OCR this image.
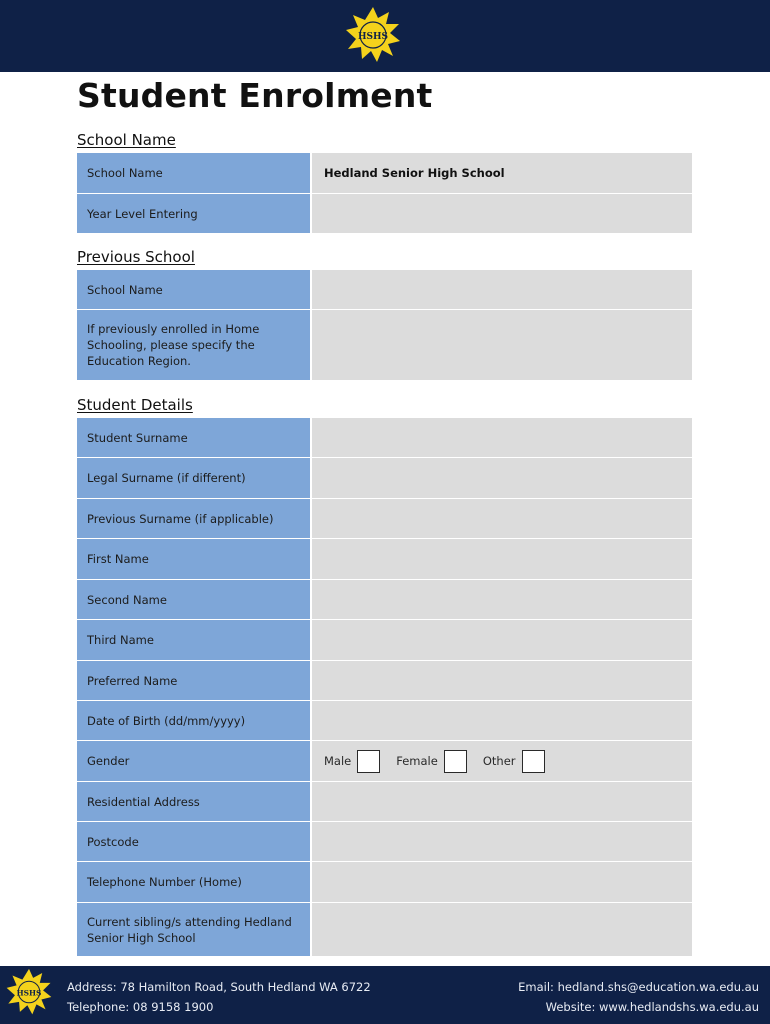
HSHS
Student Enrolment
School Name
School Name	Hedland Senior High School
Year Level Entering
Previous School
School Name
If previously enrolled in Home Schooling, please specify the Education Region.
Student Details
Student Surname
Legal Surname (if different)
Previous Surname (if applicable)
First Name
Second Name
Third Name
Preferred Name
Date of Birth (dd/mm/yyyy)
Gender	Male	Female	Other
Residential Address
Postcode
Telephone Number (Home)
Current sibling/s attending Hedland Senior High School
Address: 78 Hamilton Road, South Hedland WA 6722
Telephone: 08 9158 1900
Email: hedland.shs@education.wa.edu.au
Website: www.hedlandshs.wa.edu.au
HSHS
